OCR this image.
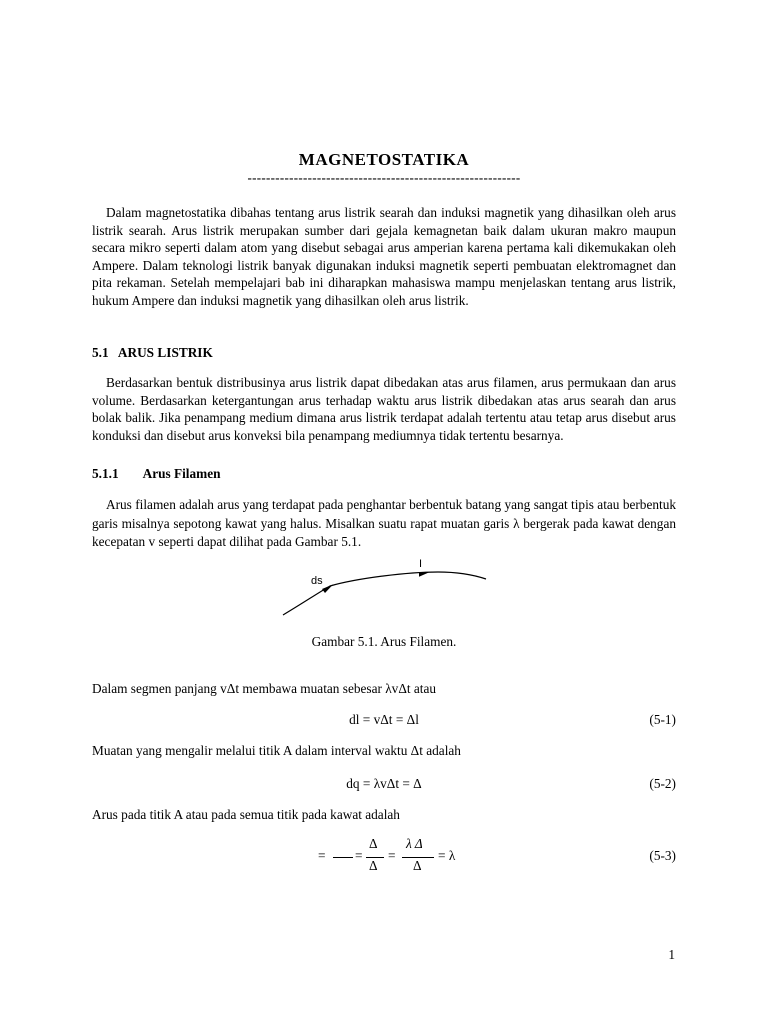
MAGNETOSTATIKA
-----------------------------------------------------------

Dalam magnetostatika dibahas tentang arus listrik searah dan induksi magnetik yang dihasilkan oleh arus listrik searah. Arus listrik merupakan sumber dari gejala kemagnetan baik dalam ukuran makro maupun secara mikro seperti dalam atom yang disebut sebagai arus amperian karena pertama kali dikemukakan oleh Ampere. Dalam teknologi listrik banyak digunakan induksi magnetik seperti pembuatan elektromagnet dan pita rekaman. Setelah mempelajari bab ini diharapkan mahasiswa mampu menjelaskan tentang arus listrik, hukum Ampere dan induksi magnetik yang dihasilkan oleh arus listrik.

5.1 ARUS LISTRIK

Berdasarkan bentuk distribusinya arus listrik dapat dibedakan atas arus filamen, arus permukaan dan arus volume. Berdasarkan ketergantungan arus terhadap waktu arus listrik dibedakan atas arus searah dan arus bolak balik. Jika penampang medium dimana arus listrik terdapat adalah tertentu atau tetap arus disebut arus konduksi dan disebut arus konveksi bila penampang mediumnya tidak tertentu besarnya.

5.1.1 Arus Filamen

Arus filamen adalah arus yang terdapat pada penghantar berbentuk batang yang sangat tipis atau berbentuk garis misalnya sepotong kawat yang halus. Misalkan suatu rapat muatan garis λ bergerak pada kawat dengan kecepatan v seperti dapat dilihat pada Gambar 5.1.

ds
I
Gambar 5.1. Arus Filamen.

Dalam segmen panjang vΔt membawa muatan sebesar λvΔt atau

dl = vΔt = Δl	(5-1)

Muatan yang mengalir melalui titik A dalam interval waktu Δt adalah

dq = λvΔt = Δ	(5-2)

Arus pada titik A atau pada semua titik pada kawat adalah

= =
Δ
Δ
=
λ Δ
Δ
= λ	(5-3)
1
